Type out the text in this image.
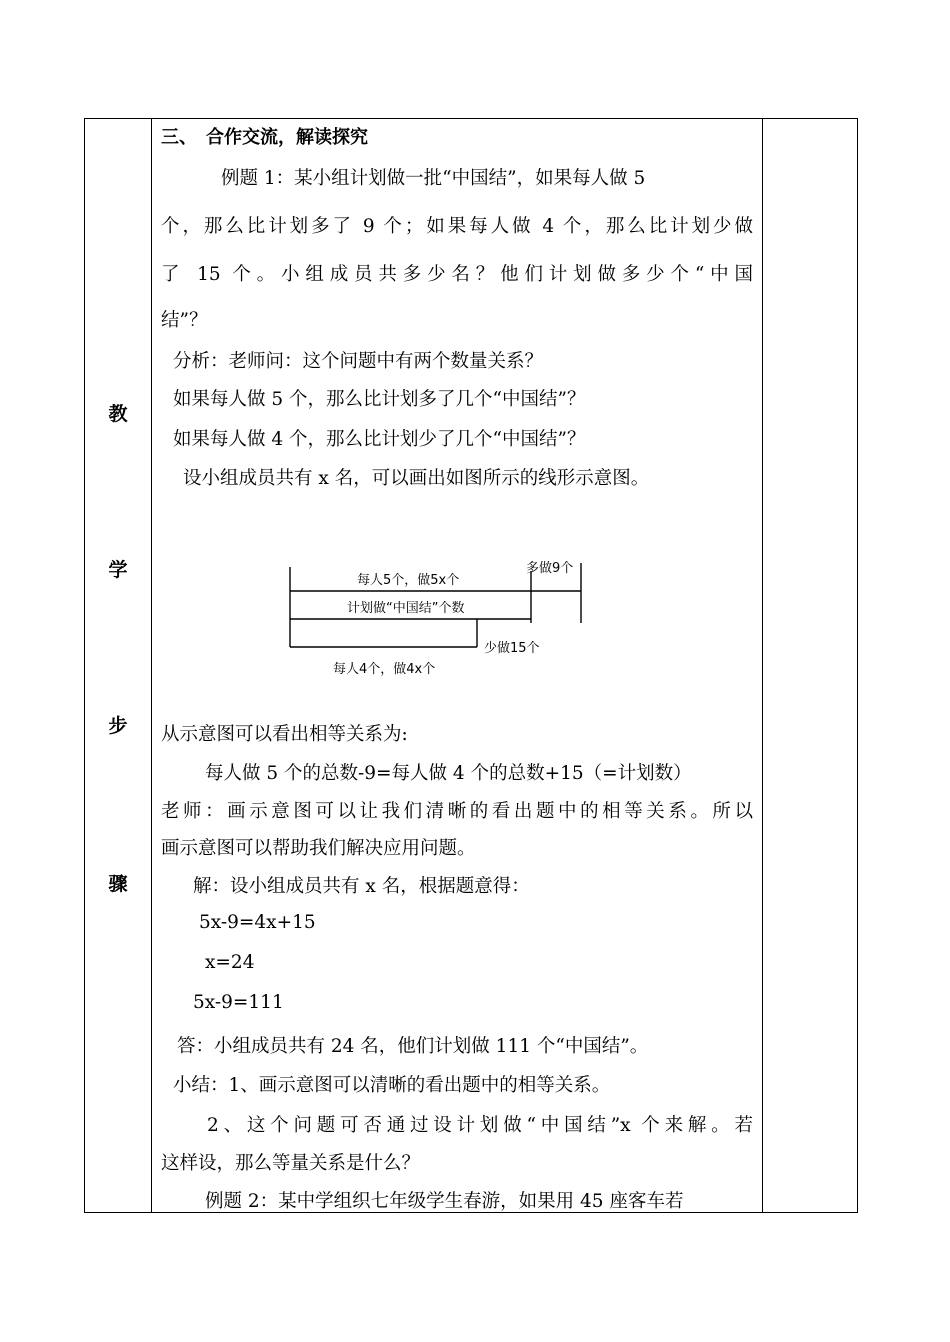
教
学
步
骤
三、　合作交流，解读探究
例题 1：某小组计划做一批“中国结”，如果每人做 5
个，那么比计划多了 9 个；如果每人做 4 个，那么比计划少做
了 15 个。小组成员共多少名？他们计划做多少个“中国
结”？
分析：老师问：这个问题中有两个数量关系？
如果每人做 5 个，那么比计划多了几个“中国结”？
如果每人做 4 个，那么比计划少了几个“中国结”？
设小组成员共有 x 名，可以画出如图所示的线形示意图。
每人5个，做5x个
多做9个
计划做“中国结”个数
少做15个
每人4个，做4x个
从示意图可以看出相等关系为:
每人做 5 个的总数-9=每人做 4 个的总数+15（=计划数）
老师：画示意图可以让我们清晰的看出题中的相等关系。所以
画示意图可以帮助我们解决应用问题。
解：设小组成员共有 x 名，根据题意得：
5x-9=4x+15
x=24
5x-9=111
答：小组成员共有 24 名，他们计划做 111 个“中国结”。
小结：1、画示意图可以清晰的看出题中的相等关系。
2、这个问题可否通过设计划做“中国结”x 个来解。若
这样设，那么等量关系是什么？
例题 2：某中学组织七年级学生春游，如果用 45 座客车若
